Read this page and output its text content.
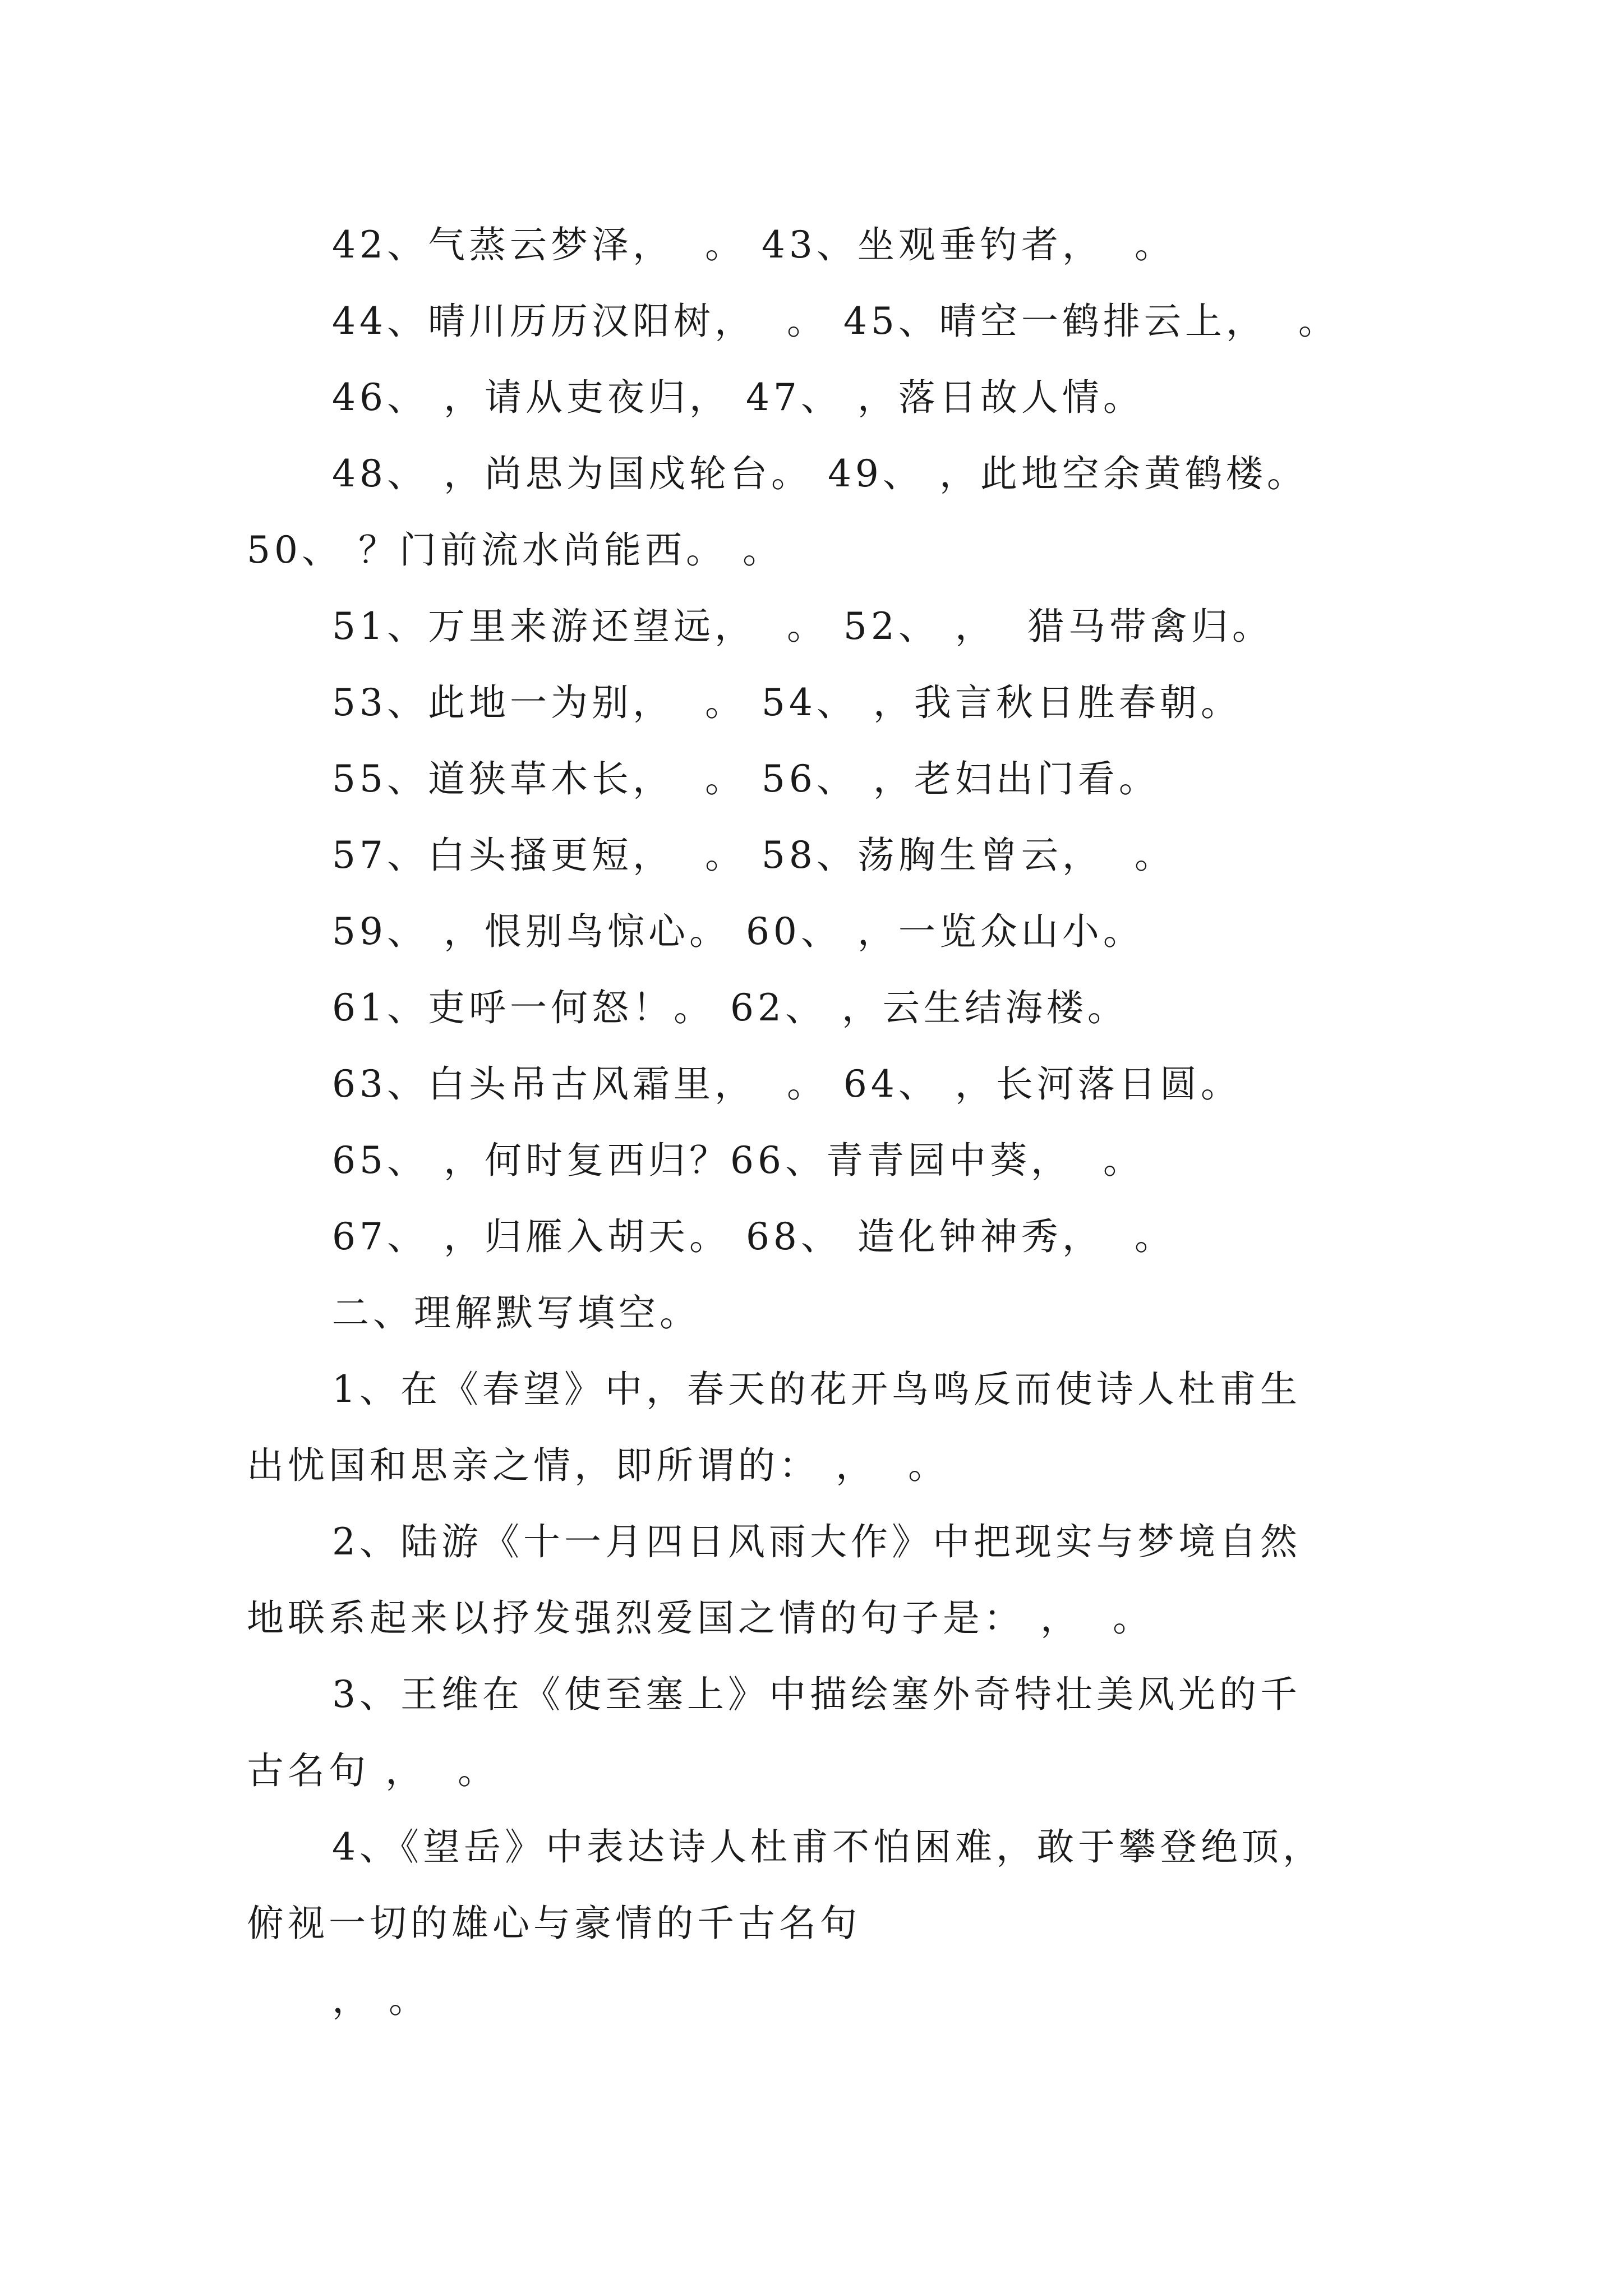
42、气蒸云梦泽，  。 43、坐观垂钓者，  。
44、晴川历历汉阳树，  。 45、晴空一鹤排云上，  。
46、 ，请从吏夜归， 47、 ，落日故人情。
48、 ，尚思为国戍轮台。 49、 ，此地空余黄鹤楼。
50、 ？门前流水尚能西。 。
51、万里来游还望远，  。 52、 ，  猎马带禽归。
53、此地一为别，  。 54、 ，我言秋日胜春朝。
55、道狭草木长，  。 56、 ，老妇出门看。
57、白头搔更短，  。 58、荡胸生曾云，  。
59、 ，恨别鸟惊心。 60、 ，一览众山小。
61、吏呼一何怒！。 62、 ，云生结海楼。
63、白头吊古风霜里，  。 64、 ，长河落日圆。
65、 ，何时复西归？66、青青园中葵，  。
67、 ，归雁入胡天。 68、 造化钟神秀，  。
二、理解默写填空。
1、在《春望》中，春天的花开鸟鸣反而使诗人杜甫生
出忧国和思亲之情，即所谓的： ，  。
2、陆游《十一月四日风雨大作》中把现实与梦境自然
地联系起来以抒发强烈爱国之情的句子是： ，  。
3、王维在《使至塞上》中描绘塞外奇特壮美风光的千
古名句 ，  。
4、《望岳》中表达诗人杜甫不怕困难，敢于攀登绝顶，
俯视一切的雄心与豪情的千古名句
， 。
